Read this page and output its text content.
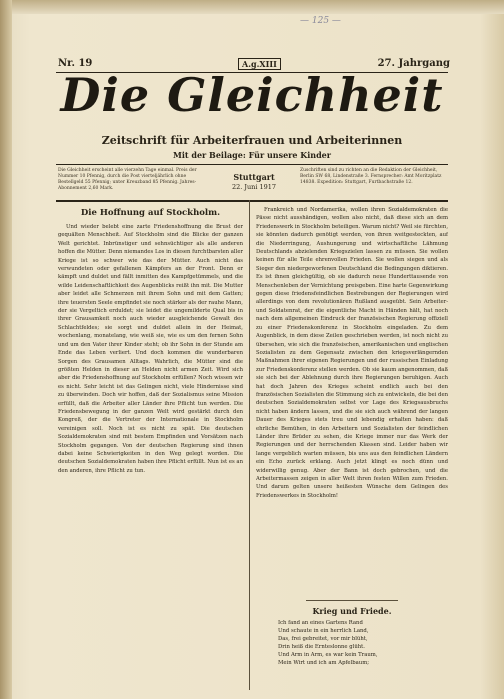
— 125 —
Nr. 19	A.g.XIII	27. Jahrgang
Die Gleichheit
Zeitschrift für Arbeiterfrauen und Arbeiterinnen
Mit der Beilage: Für unsere Kinder
Die Gleichheit erscheint alle vierzehn Tage einmal. Preis der Nummer 10 Pfennig, durch die Post vierteljährlich ohne Bestellgeld 55 Pfennig; unter Kreuzband 85 Pfennig. Jahres-Abonnement 2,60 Mark.
Stuttgart
22. Juni 1917
Zuschriften sind zu richten an die Redaktion der Gleichheit, Berlin SW 68, Lindenstraße 3. Fernsprecher: Amt Moritzplatz 14838. Expedition: Stuttgart, Furtbachstraße 12.
Die Hoffnung auf Stockholm.

Und wieder belebt eine zarte Friedenshoffnung die Brust der gequälten Menschheit. Auf Stockholm sind die Blicke der ganzen Welt gerichtet. Inbrünstiger und sehnsüchtiger als alle anderen hoffen die Mütter. Denn niemandes Los in diesen furchtbarsten aller Kriege ist so schwer wie das der Mütter. Auch nicht das verwundeten oder gefallenen Kämpfers an der Front. Denn er kämpft und duldet und fällt inmitten des Kampfgetümmels, und die wilde Leidenschaftlichkeit des Augenblicks reißt ihn mit. Die Mutter aber leidet alle Schmerzen mit ihrem Sohn und mit dem Gatten; ihre teuersten Seele empfindet sie noch stärker als der rauhe Mann, der sie Vergeltich erduldet; sie leidet die ungemilderte Qual bis in ihrer Grausamkeit noch auch wieder ausgleichende Gewalt des Schlachtfeldes; sie sorgt und duldet allein in der Heimat, wochenlang, monatelang, wie weiß sie, wie es um den fernen Sohn und um den Vater ihrer Kinder steht; ob ihr Sohn in der Stunde am Ende das Leben verliert. Und doch kommen die wunderbaren Sorgen des Grausamen Alltags. Wahrlich, die Mütter sind die größten Helden in dieser an Helden nicht armen Zeit. Wird sich aber die Friedenshoffnung auf Stockholm erfüllen? Noch wissen wir es nicht. Sehr leicht ist das Gelingen nicht, viele Hindernisse sind zu überwinden. Doch wir hoffen, daß der Sozialismus seine Mission erfüllt, daß die Arbeiter aller Länder ihre Pflicht tun werden. Die Friedensbewegung in der ganzen Welt wird gestärkt durch den Kongreß, der die Vertreter der Internationale in Stockholm vereinigen soll. Noch ist es nicht zu spät. Die deutschen Sozialdemokraten sind mit bestem Empfinden und Vorsätzen nach Stockholm gegangen. Von der deutschen Regierung sind ihnen dabei keine Schwierigkeiten in den Weg gelegt worden. Die deutschen Sozialdemokraten haben ihre Pflicht erfüllt. Nun ist es an den anderen, ihre Pflicht zu tun.

Frankreich und Nordamerika, wollen ihren Sozialdemokraten die Pässe nicht ausshändigen, wollen also nicht, daß diese sich an dem Friedenswerk in Stockholm beteiligen. Warum nicht? Weil sie fürchten, sie könnten dadurch genötigt werden, von ihren weitgesteckten, auf die Niederringung, Aushungerung und wirtschaftliche Lähmung Deutschlands abzielenden Kriegszielen lassen zu müssen. Sie wollen keinen für alle Teile ehrenvollen Frieden. Sie wollen siegen und als Sieger den niedergeworfenen Deutschland die Bedingungen diktieren. Es ist ihnen gleichgültig, ob sie dadurch neue Hunderttausende von Menschenleben der Vernichtung preisgeben. Eine harte Gegenwirkung gegen diese friedensfeindlichen Bestrebungen der Regierungen wird allerdings von dem revolutionären Rußland ausgeübt. Sein Arbeiter- und Soldatenrat, der die eigentliche Macht in Händen hält, hat noch nach dem allgemeinen Eindruck der französischen Regierung offiziell zu einer Friedenskonferenz in Stockholm eingeladen. Zu dem Augenblick, in dem diese Zeilen geschrieben werden, ist noch nicht zu übersehen, wie sich die französischen, amerikanischen und englischen Sozialisten zu dem Gegensatz zwischen den kriegsverlängernden Maßnahmen ihrer eigenen Regierungen und der russischen Einladung zur Friedenskonferenz stellen werden. Ob sie kaum angenommen, daß sie sich bei der Ablehnung durch ihre Regierungen beruhigen. Auch hat doch Jahren des Krieges scheint endlich auch bei den französischen Sozialisten die Stimmung sich zu entwickeln, die bei den deutschen Sozialdemokraten selbst vor Lage des Kriegsausbruchs nicht haben ändern lassen, und die sie sich auch während der langen Dauer des Krieges stets treu und lebendig erhalten haben: daß ehrliche Bemühen, in den Arbeitern und Sozialisten der feindlichen Länder ihre Brüder zu sehen, die Kriege immer nur das Werk der Regierungen und der herrschenden Klassen sind. Leider haben wir lange vergeblich warten müssen, bis uns aus den feindlichen Ländern ein Echo zurück erklang. Auch jetzt klingt es noch dünn und widerwillig genug. Aber der Bann ist doch gebrochen, und die Arbeitermassen zeigen in aller Welt ihren festen Willen zum Frieden. Und darum gelten unsere heißesten Wünsche dem Gelingen des Friedenswerkes in Stockholm!

Krieg und Friede.
Ich fand an eines Gartens Rand
Und schaute in ein herrlich Land,
Das, frei gebreitet, vor mir blüht,
Drin heiß die Ernteslonne glüht.
Und Arm in Arm, es war kein Traum,
Mein Wirt und ich am Apfelbaum;
